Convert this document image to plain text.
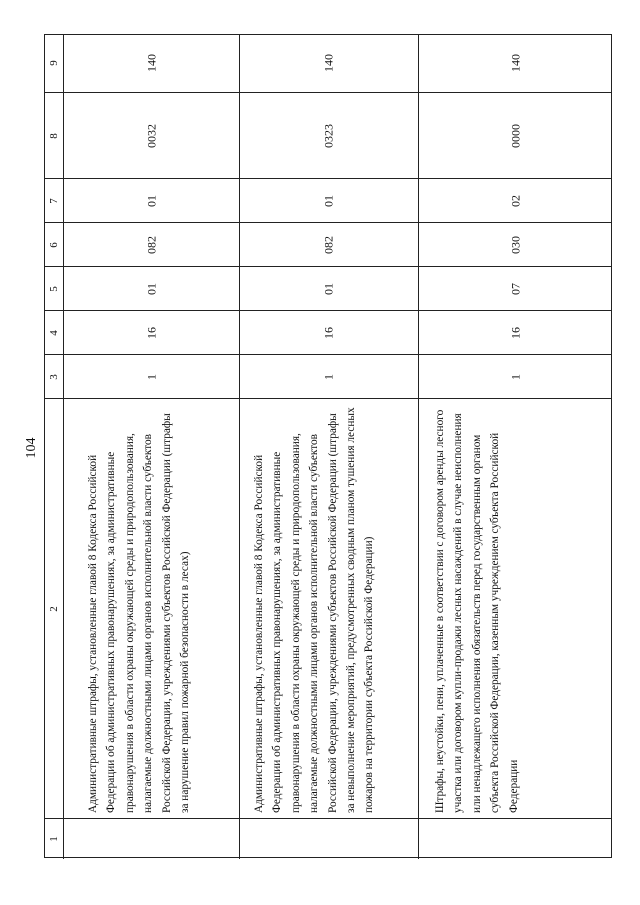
104
9	140	140	140
8	0032	0323	0000
7	01	01	02
6	082	082	030
5	01	01	07
4	16	16	16
3	1	1	1
2 Административные штрафы, установленные главой 8 Кодекса Российской Федерации об административных правонарушениях, за административные правонарушения в области охраны окружающей среды и природопользования, налагаемые должностными лицами органов исполнительной власти субъектов Российской Федерации, учреждениями субъектов Российской Федерации (штрафы за нарушение правил пожарной безопасности в лесах)	Административные штрафы, установленные главой 8 Кодекса Российской Федерации об административных правонарушениях, за административные правонарушения в области охраны окружающей среды и природопользования, налагаемые должностными лицами органов исполнительной власти субъектов Российской Федерации, учреждениями субъектов Российской Федерации (штрафы за невыполнение мероприятий, предусмотренных сводным планом тушения лесных пожаров на территории субъекта Российской Федерации)	Штрафы, неустойки, пени, уплаченные в соответствии с договором аренды лесного участка или договором купли-продажи лесных насаждений в случае неисполнения или ненадлежащего исполнения обязательств перед государственным органом субъекта Российской Федерации, казенным учреждением субъекта Российской Федерации
1
